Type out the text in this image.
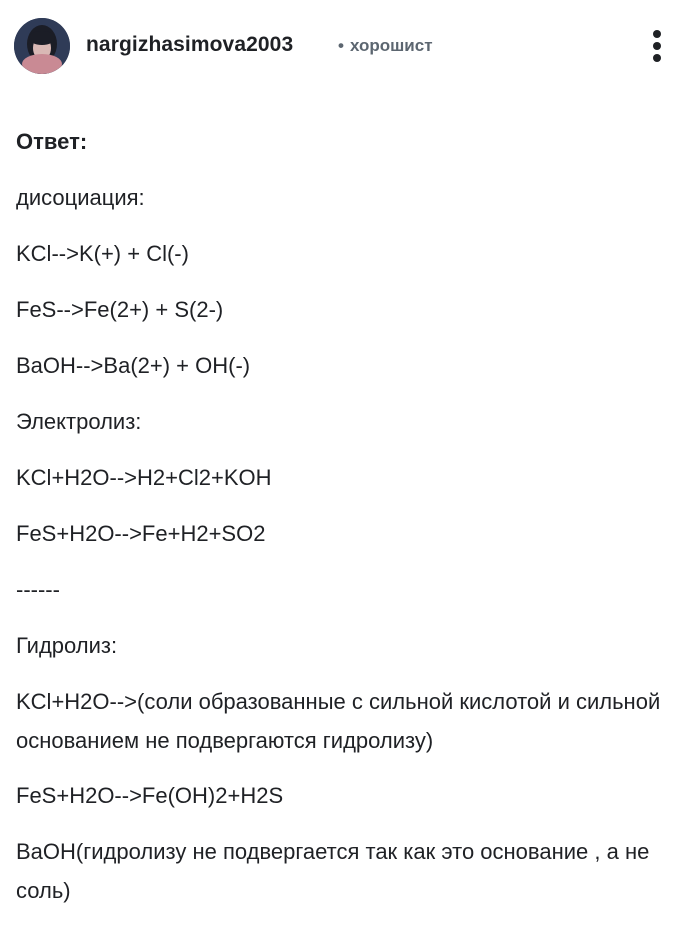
nargizhasimova2003	• хорошист
Ответ:
дисоциация:
KCl-->K(+) + Cl(-)
FeS-->Fe(2+) + S(2-)
BaOH-->Ba(2+) + OH(-)
Электролиз:
KCl+H2O-->H2+Cl2+KOH
FeS+H2O-->Fe+H2+SO2
------
Гидролиз:
KCl+H2O-->(соли образованные с сильной кислотой и сильной основанием не подвергаются гидролизу)
FeS+H2O-->Fe(OH)2+H2S
BaOH(гидролизу не подвергается так как это основание , а не соль)
